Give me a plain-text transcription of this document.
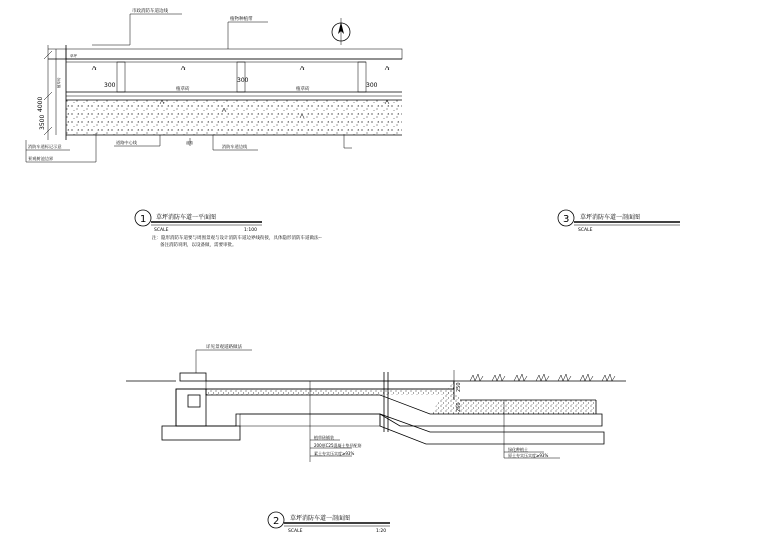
市政消防车道边线
植物种植带
草坪
300
300
300
植草砖	植草砖
4000
3500
植草砖
消防车道标记示意
景观树池边界
道路中心线
消防车道边线
道路
1 草坪消防车道一平面图
SCALE	1:100
注：隐形消防车道要与周围景观与设计消防车道边界线衔接，具体隐形消防车道做法--
备注消防说明，以设备做，需要审批。
3 草坪消防车道一剖面图
SCALE
250
250
详见景观道路做法
植草砖铺装
200厚C25混凝土垫层配筋
素土夯实压实度≥93%
绿化种植土
原土夯实压实度≥93%
2 草坪消防车道一剖面图
SCALE	1:20
